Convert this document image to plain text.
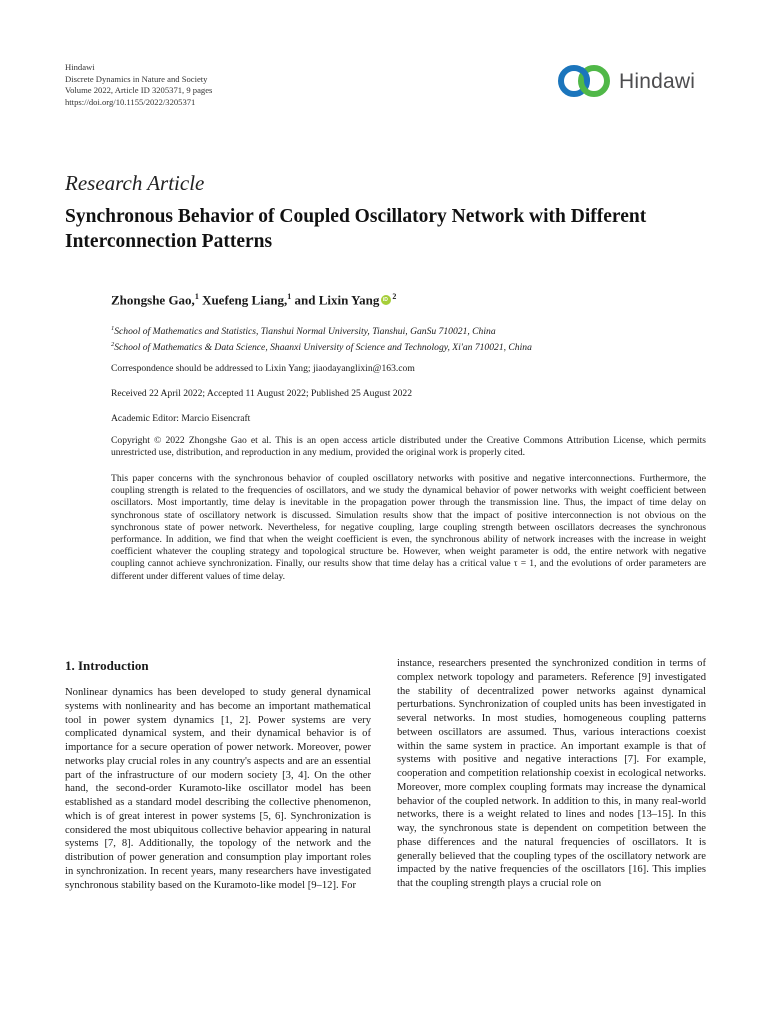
Hindawi
Discrete Dynamics in Nature and Society
Volume 2022, Article ID 3205371, 9 pages
https://doi.org/10.1155/2022/3205371
Hindawi
Research Article
Synchronous Behavior of Coupled Oscillatory Network with Different Interconnection Patterns
Zhongshe Gao,$^1$ Xuefeng Liang,$^1$ and Lixin YangiD $^2$
$^1$School of Mathematics and Statistics, Tianshui Normal University, Tianshui, GanSu 710021, China
$^2$School of Mathematics & Data Science, Shaanxi University of Science and Technology, Xi'an 710021, China
Correspondence should be addressed to Lixin Yang; jiaodayanglixin@163.com
Received 22 April 2022; Accepted 11 August 2022; Published 25 August 2022
Academic Editor: Marcio Eisencraft
Copyright © 2022 Zhongshe Gao et al. This is an open access article distributed under the Creative Commons Attribution License, which permits unrestricted use, distribution, and reproduction in any medium, provided the original work is properly cited.
This paper concerns with the synchronous behavior of coupled oscillatory networks with positive and negative interconnections. Furthermore, the coupling strength is related to the frequencies of oscillators, and we study the dynamical behavior of power networks with weight coefficient between oscillators. Most importantly, time delay is inevitable in the propagation power through the transmission line. Thus, the impact of time delay on synchronous state of oscillatory network is discussed. Simulation results show that the impact of positive interconnection is not obvious on the synchronous state of power network. Nevertheless, for negative coupling, large coupling strength between oscillators decreases the synchronous performance. In addition, we find that when the weight coefficient is even, the synchronous ability of network increases with the increase in weight coefficient whatever the coupling strategy and topological structure be. However, when weight parameter is odd, the entire network with negative coupling cannot achieve synchronization. Finally, our results show that time delay has a critical value τ = 1, and the evolutions of order parameters are different under different values of time delay.
1. Introduction
Nonlinear dynamics has been developed to study general dynamical systems with nonlinearity and has become an important mathematical tool in power system dynamics [1, 2]. Power systems are very complicated dynamical system, and their dynamical behavior is of importance for a secure operation of power network. Moreover, power networks play crucial roles in any country's aspects and are an essential part of the infrastructure of our modern society [3, 4]. On the other hand, the second-order Kuramoto-like oscillator model has been established as a standard model describing the collective phenomenon, which is of great interest in power systems [5, 6]. Synchronization is considered the most ubiquitous collective behavior appearing in natural systems [7, 8]. Additionally, the topology of the network and the distribution of power generation and consumption play important roles in synchronization. In recent years, many researchers have investigated synchronous stability based on the Kuramoto-like model [9–12]. For
instance, researchers presented the synchronized condition in terms of complex network topology and parameters. Reference [9] investigated the stability of decentralized power networks against dynamical perturbations. Synchronization of coupled units has been investigated in several networks. In most studies, homogeneous coupling patterns between oscillators are assumed. Thus, various interactions coexist within the same system in practice. An important example is that of systems with positive and negative interactions [7]. For example, cooperation and competition relationship coexist in ecological networks. Moreover, more complex coupling formats may increase the dynamical behavior of the coupled network. In addition to this, in many real-world networks, there is a weight related to lines and nodes [13–15]. In this way, the synchronous state is dependent on competition between the phase differences and the natural frequencies of oscillators. It is generally believed that the coupling types of the oscillatory network are impacted by the native frequencies of the oscillators [16]. This implies that the coupling strength plays a crucial role on
